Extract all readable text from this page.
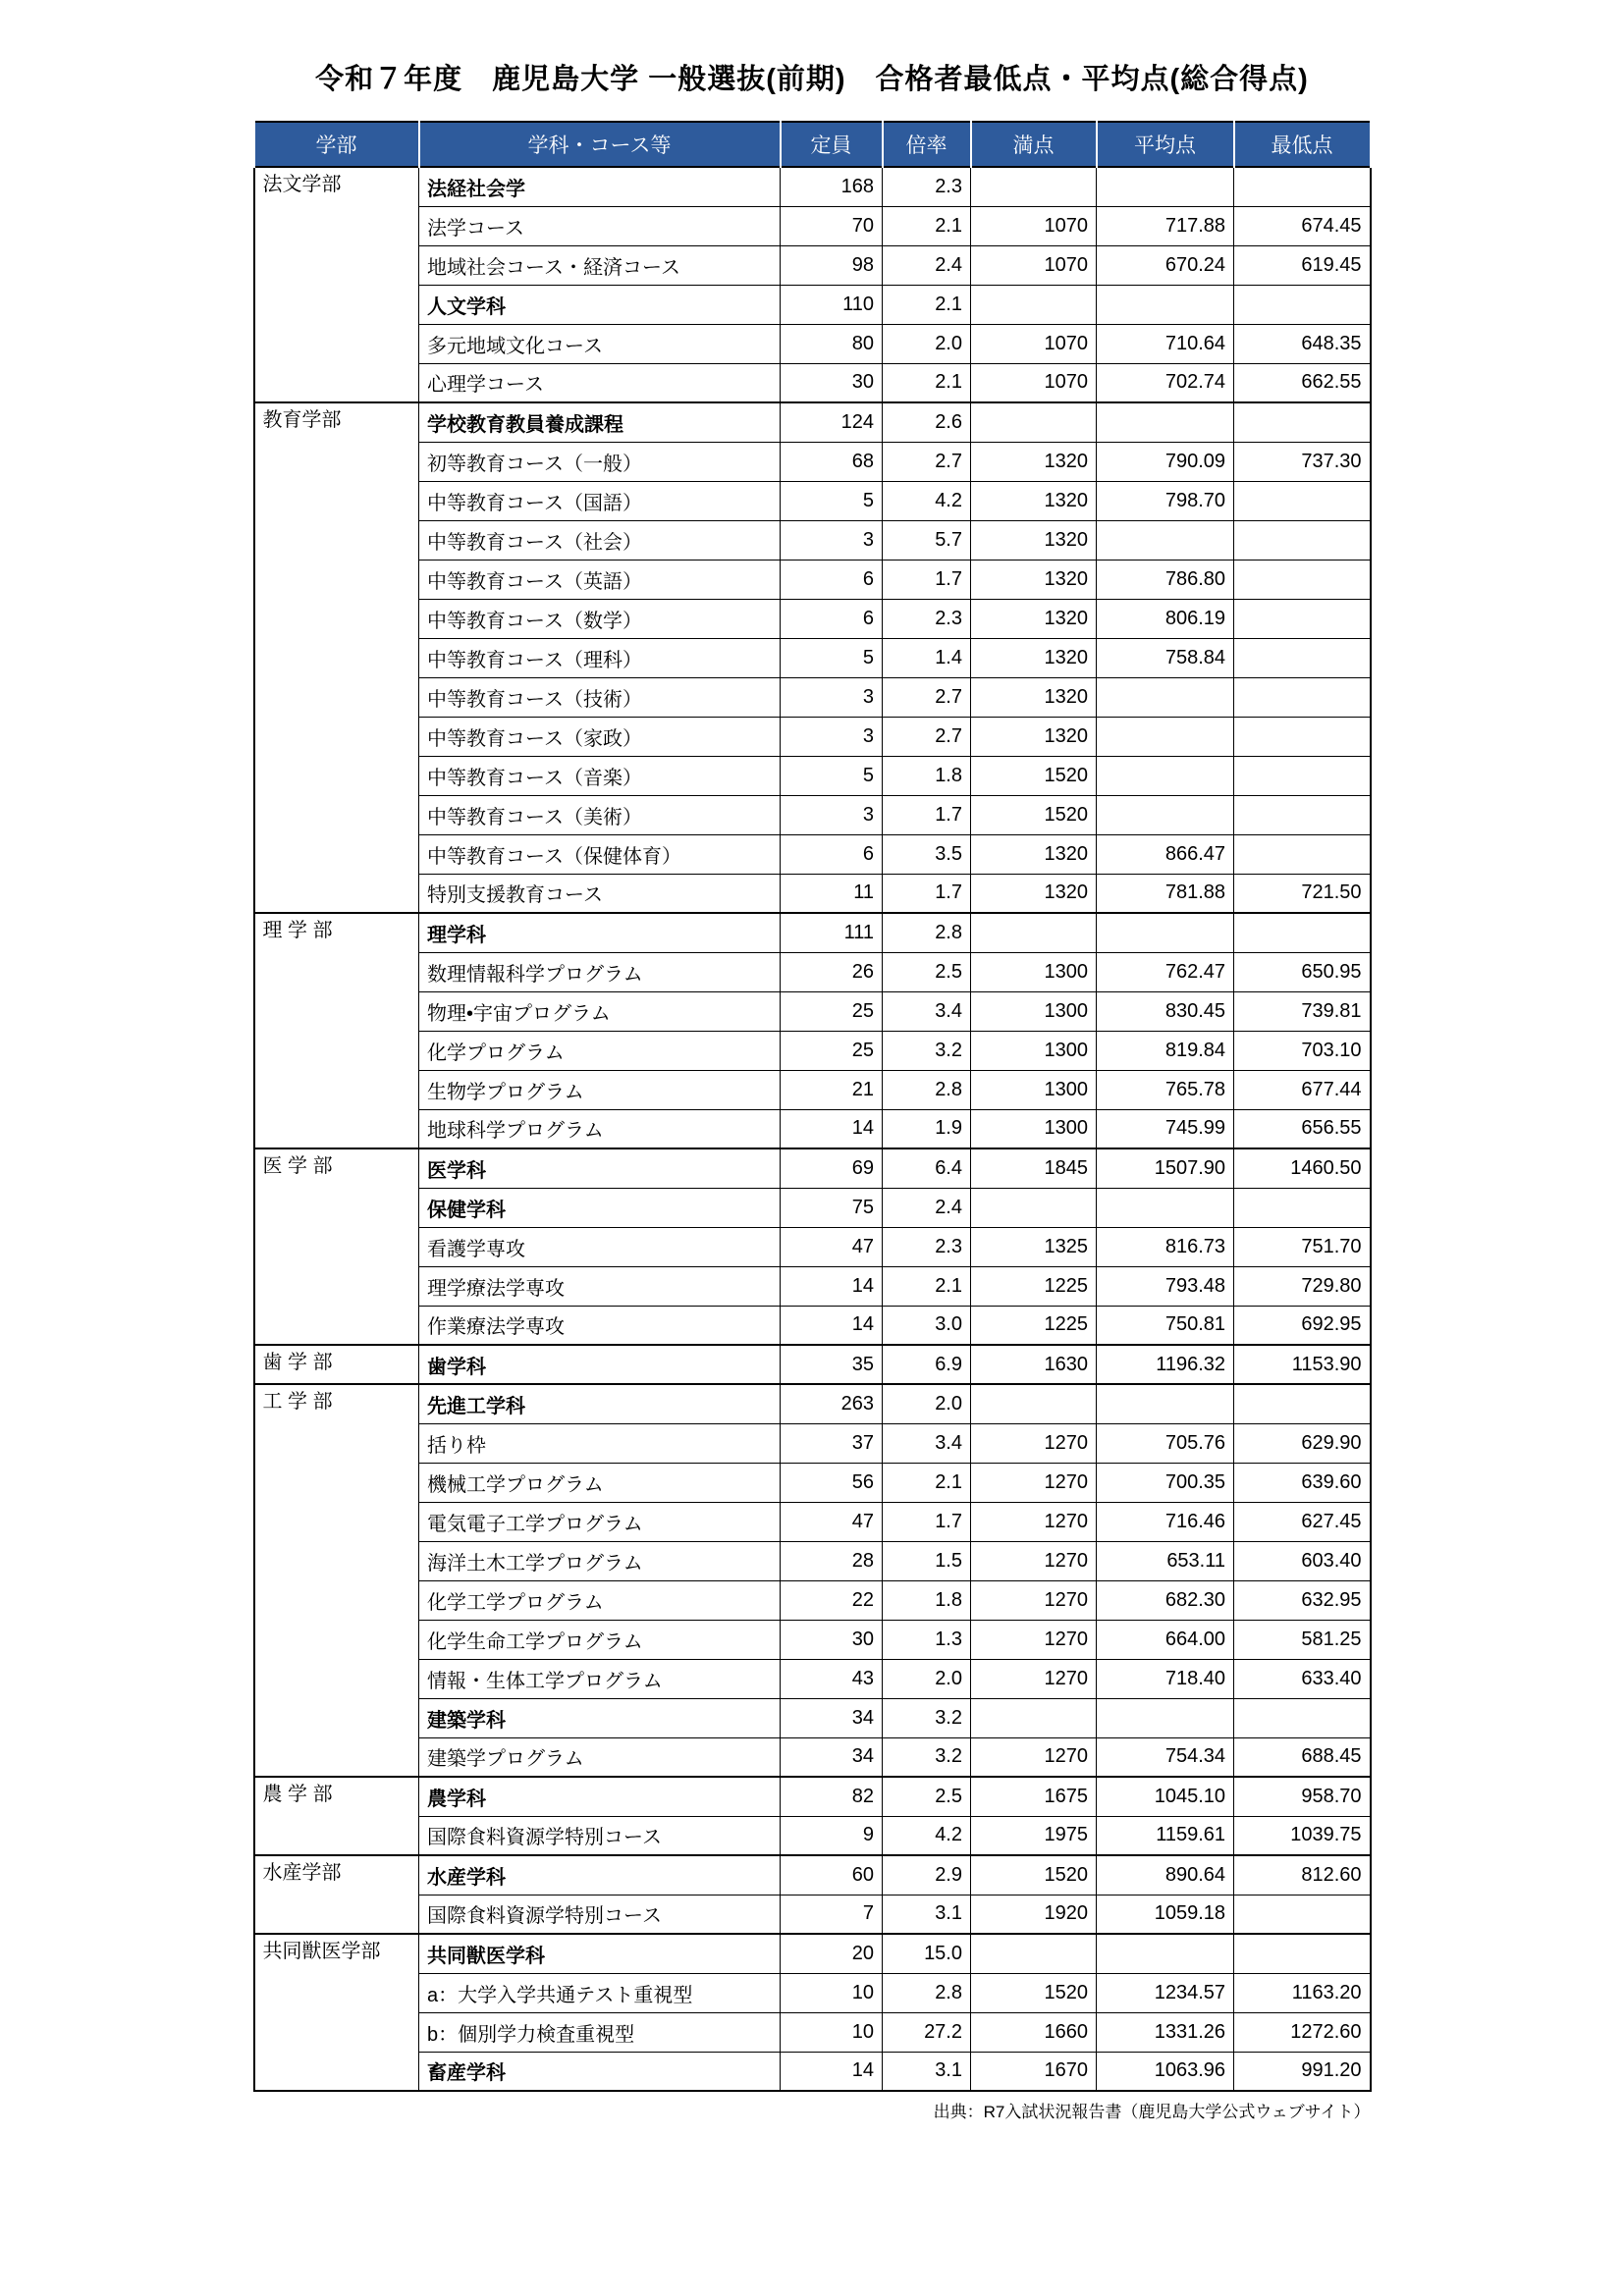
令和７年度　鹿児島大学 一般選抜(前期)　合格者最低点・平均点(総合得点)
学部	学科・コース等	定員	倍率	満点	平均点	最低点
法文学部	法経社会学	168	2.3			
	法学コース	70	2.1	1070	717.88	674.45
	地域社会コース・経済コース	98	2.4	1070	670.24	619.45
	人文学科	110	2.1			
	多元地域文化コース	80	2.0	1070	710.64	648.35
	心理学コース	30	2.1	1070	702.74	662.55
教育学部	学校教育教員養成課程	124	2.6			
	初等教育コース（一般）	68	2.7	1320	790.09	737.30
	中等教育コース（国語）	5	4.2	1320	798.70	
	中等教育コース（社会）	3	5.7	1320		
	中等教育コース（英語）	6	1.7	1320	786.80	
	中等教育コース（数学）	6	2.3	1320	806.19	
	中等教育コース（理科）	5	1.4	1320	758.84	
	中等教育コース（技術）	3	2.7	1320		
	中等教育コース（家政）	3	2.7	1320		
	中等教育コース（音楽）	5	1.8	1520		
	中等教育コース（美術）	3	1.7	1520		
	中等教育コース（保健体育）	6	3.5	1320	866.47	
	特別支援教育コース	11	1.7	1320	781.88	721.50
理 学 部	理学科	111	2.8			
	数理情報科学プログラム	26	2.5	1300	762.47	650.95
	物理•宇宙プログラム	25	3.4	1300	830.45	739.81
	化学プログラム	25	3.2	1300	819.84	703.10
	生物学プログラム	21	2.8	1300	765.78	677.44
	地球科学プログラム	14	1.9	1300	745.99	656.55
医 学 部	医学科	69	6.4	1845	1507.90	1460.50
	保健学科	75	2.4			
	看護学専攻	47	2.3	1325	816.73	751.70
	理学療法学専攻	14	2.1	1225	793.48	729.80
	作業療法学専攻	14	3.0	1225	750.81	692.95
歯 学 部	歯学科	35	6.9	1630	1196.32	1153.90
工 学 部	先進工学科	263	2.0			
	括り枠	37	3.4	1270	705.76	629.90
	機械工学プログラム	56	2.1	1270	700.35	639.60
	電気電子工学プログラム	47	1.7	1270	716.46	627.45
	海洋土木工学プログラム	28	1.5	1270	653.11	603.40
	化学工学プログラム	22	1.8	1270	682.30	632.95
	化学生命工学プログラム	30	1.3	1270	664.00	581.25
	情報・生体工学プログラム	43	2.0	1270	718.40	633.40
	建築学科	34	3.2			
	建築学プログラム	34	3.2	1270	754.34	688.45
農 学 部	農学科	82	2.5	1675	1045.10	958.70
	国際食料資源学特別コース	9	4.2	1975	1159.61	1039.75
水産学部	水産学科	60	2.9	1520	890.64	812.60
	国際食料資源学特別コース	7	3.1	1920	1059.18	
共同獣医学部	共同獣医学科	20	15.0			
	a：大学入学共通テスト重視型	10	2.8	1520	1234.57	1163.20
	b：個別学力検査重視型	10	27.2	1660	1331.26	1272.60
	畜産学科	14	3.1	1670	1063.96	991.20
出典：R7入試状況報告書（鹿児島大学公式ウェブサイト）
